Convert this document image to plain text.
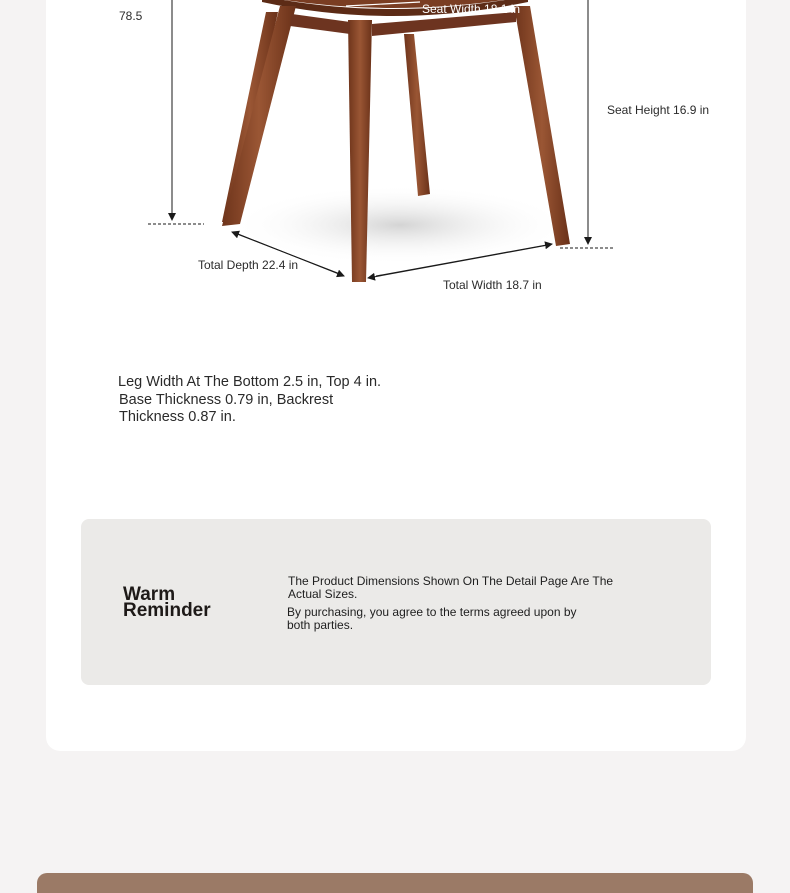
78.5	Seat Width 18.1 in
Seat Height 16.9 in
Total Depth 22.4 in
Total Width 18.7 in
Leg Width At The Bottom 2.5 in, Top 4 in.
Base Thickness 0.79 in, Backrest Thickness 0.87 in.
Warm Reminder
The Product Dimensions Shown On The Detail Page Are The Actual Sizes.
By purchasing, you agree to the terms agreed upon by both parties.
